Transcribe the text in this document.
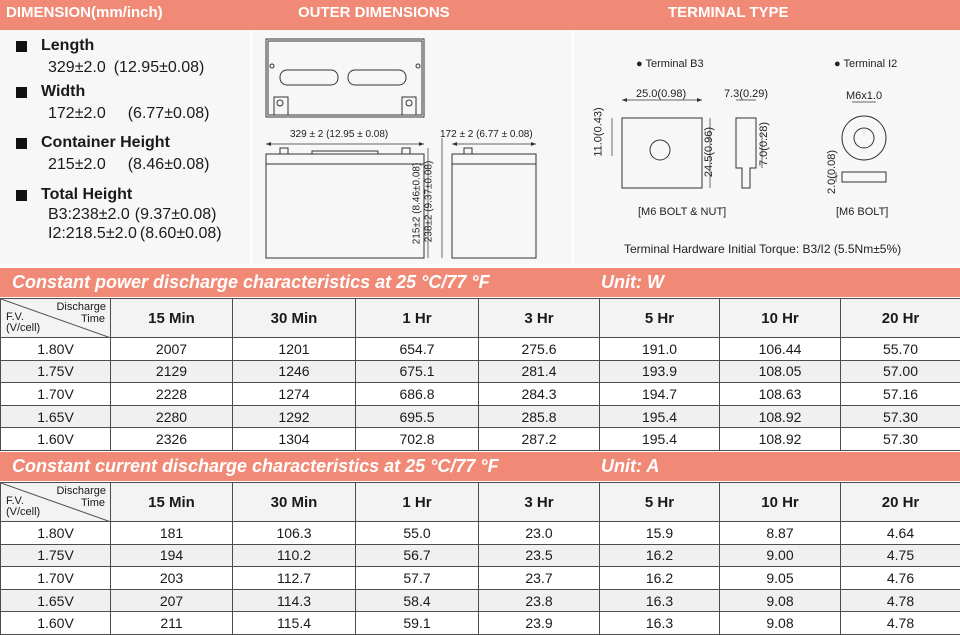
DIMENSION(mm/inch)	OUTER DIMENSIONS	TERMINAL TYPE
Length
329±2.0 (12.95±0.08)
Width
172±2.0 (6.77±0.08)
Container Height
215±2.0 (8.46±0.08)
Total Height
B3:238±2.0 (9.37±0.08)
I2:218.5±2.0 (8.60±0.08)
329 ± 2 (12.95 ± 0.08)	172 ± 2 (6.77 ± 0.08)
215±2 (8.46±0.08) 238±2 (9.37±0.08)
● Terminal B3	● Terminal I2
25.0(0.98)	7.3(0.29)
11.0(0.43)	24.5(0.96)	7.0(0.28)
M6x1.0
2.0(0.08)
[M6 BOLT & NUT]	[M6 BOLT]
Terminal Hardware Initial Torque: B3/I2 (5.5Nm±5%)
Constant power discharge characteristics at 25 °C/77 °F	Unit: W
Discharge
Time
F.V.
(V/cell)	15 Min	30 Min	1 Hr	3 Hr	5 Hr	10 Hr	20 Hr
1.80V	2007	1201	654.7	275.6	191.0	106.44	55.70
1.75V	2129	1246	675.1	281.4	193.9	108.05	57.00
1.70V	2228	1274	686.8	284.3	194.7	108.63	57.16
1.65V	2280	1292	695.5	285.8	195.4	108.92	57.30
1.60V	2326	1304	702.8	287.2	195.4	108.92	57.30
Constant current discharge characteristics at 25 °C/77 °F	Unit: A
Discharge
Time
F.V.
(V/cell)	15 Min	30 Min	1 Hr	3 Hr	5 Hr	10 Hr	20 Hr
1.80V	181	106.3	55.0	23.0	15.9	8.87	4.64
1.75V	194	110.2	56.7	23.5	16.2	9.00	4.75
1.70V	203	112.7	57.7	23.7	16.2	9.05	4.76
1.65V	207	114.3	58.4	23.8	16.3	9.08	4.78
1.60V	211	115.4	59.1	23.9	16.3	9.08	4.78
